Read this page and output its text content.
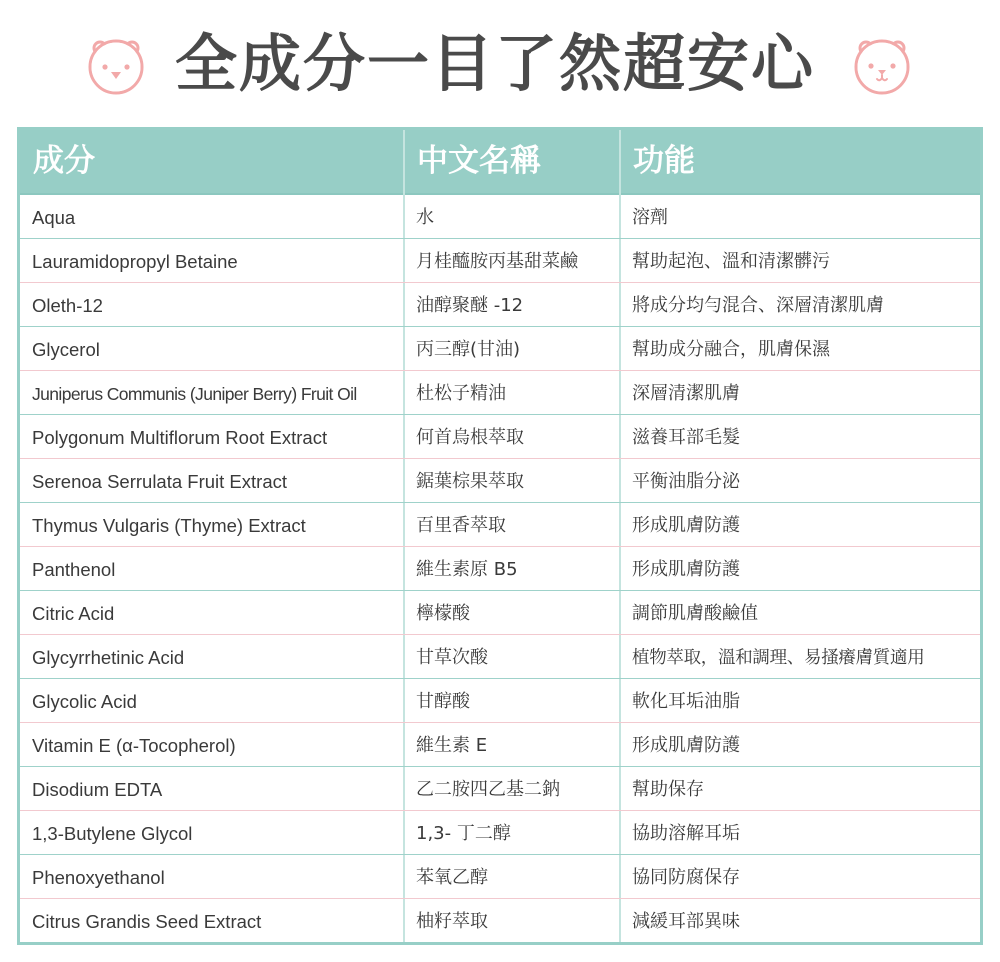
全成分一目了然超安心
成分	中文名稱	功能
Aqua	水	溶劑
Lauramidopropyl Betaine	月桂醯胺丙基甜菜鹼	幫助起泡、溫和清潔髒污
Oleth-12	油醇聚醚 -12	將成分均勻混合、深層清潔肌膚
Glycerol	丙三醇(甘油)	幫助成分融合，肌膚保濕
Juniperus Communis (Juniper Berry) Fruit Oil	杜松子精油	深層清潔肌膚
Polygonum Multiflorum Root Extract	何首烏根萃取	滋養耳部毛髮
Serenoa Serrulata Fruit Extract	鋸葉棕果萃取	平衡油脂分泌
Thymus Vulgaris (Thyme) Extract	百里香萃取	形成肌膚防護
Panthenol	維生素原 B5	形成肌膚防護
Citric Acid	檸檬酸	調節肌膚酸鹼值
Glycyrrhetinic Acid	甘草次酸	植物萃取，溫和調理、易搔癢膚質適用
Glycolic Acid	甘醇酸	軟化耳垢油脂
Vitamin E (α-Tocopherol)	維生素 E	形成肌膚防護
Disodium EDTA	乙二胺四乙基二鈉	幫助保存
1,3-Butylene Glycol	1,3- 丁二醇	協助溶解耳垢
Phenoxyethanol	苯氧乙醇	協同防腐保存
Citrus Grandis Seed Extract	柚籽萃取	減緩耳部異味
